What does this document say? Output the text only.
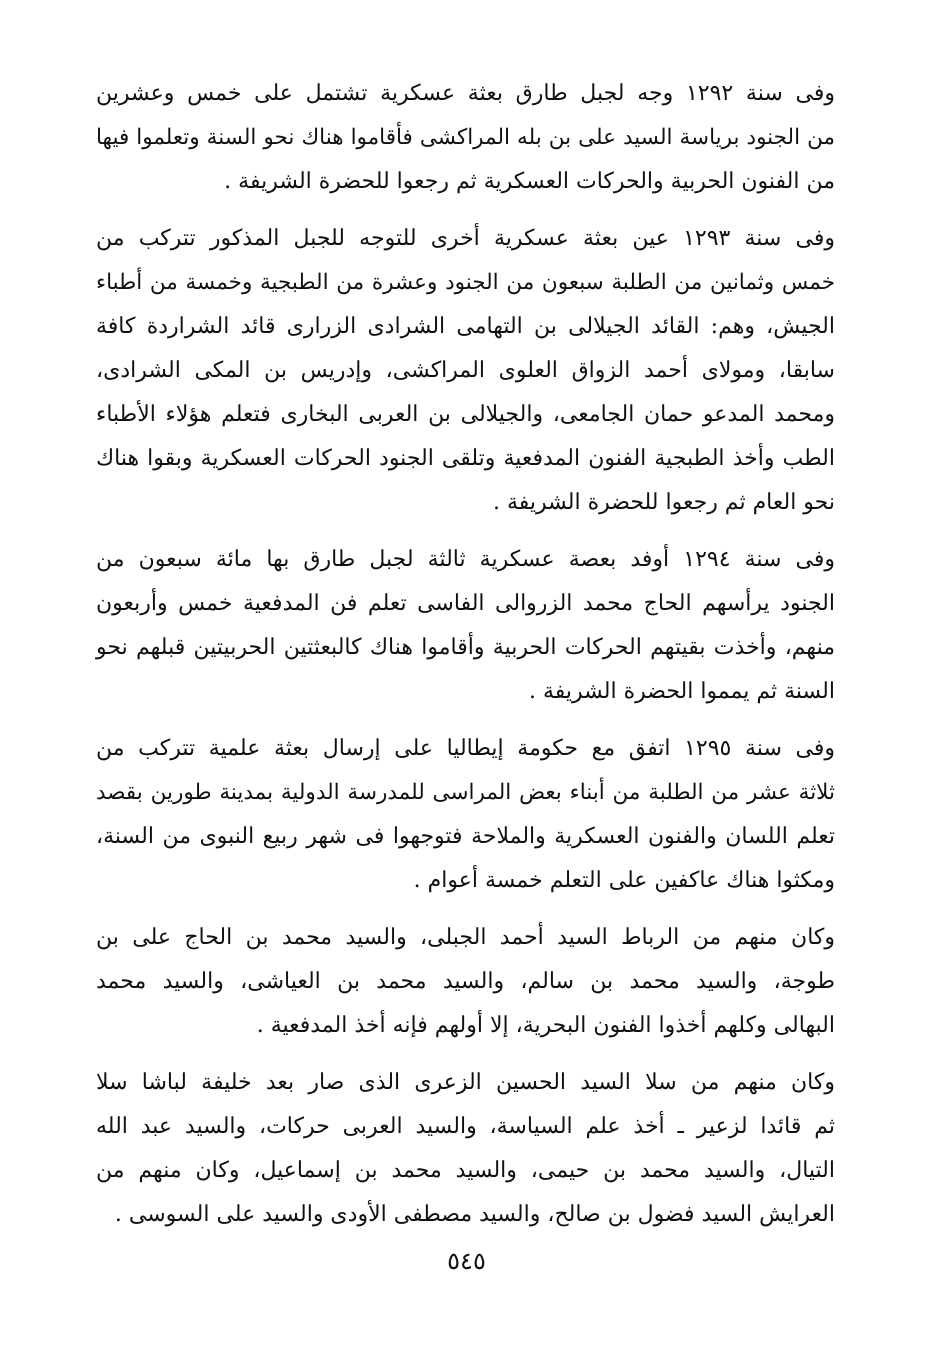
وفى سنة ١٢٩٢ وجه لجبل طارق بعثة عسكرية تشتمل على خمس وعشرين
من الجنود برياسة السيد على بن بله المراكشى فأقاموا هناك نحو السنة وتعلموا فيها
من الفنون الحربية والحركات العسكرية ثم رجعوا للحضرة الشريفة .
وفى سنة ١٢٩٣ عين بعثة عسكرية أخرى للتوجه للجبل المذكور تتركب من
خمس وثمانين من الطلبة سبعون من الجنود وعشرة من الطبجية وخمسة من أطباء
الجيش، وهم: القائد الجيلالى بن التهامى الشرادى الزرارى قائد الشراردة كافة
سابقا، ومولاى أحمد الزواق العلوى المراكشى، وإدريس بن المكى الشرادى،
ومحمد المدعو حمان الجامعى، والجيلالى بن العربى البخارى فتعلم هؤلاء الأطباء
الطب وأخذ الطبجية الفنون المدفعية وتلقى الجنود الحركات العسكرية وبقوا هناك
نحو العام ثم رجعوا للحضرة الشريفة .
وفى سنة ١٢٩٤ أوفد بعصة عسكرية ثالثة لجبل طارق بها مائة سبعون من
الجنود يرأسهم الحاج محمد الزروالى الفاسى تعلم فن المدفعية خمس وأربعون
منهم، وأخذت بقيتهم الحركات الحربية وأقاموا هناك كالبعثتين الحربيتين قبلهم نحو
السنة ثم يمموا الحضرة الشريفة .
وفى سنة ١٢٩٥ اتفق مع حكومة إيطاليا على إرسال بعثة علمية تتركب من
ثلاثة عشر من الطلبة من أبناء بعض المراسى للمدرسة الدولية بمدينة طورين بقصد
تعلم اللسان والفنون العسكرية والملاحة فتوجهوا فى شهر ربيع النبوى من السنة،
ومكثوا هناك عاكفين على التعلم خمسة أعوام .
وكان منهم من الرباط السيد أحمد الجبلى، والسيد محمد بن الحاج على بن
طوجة، والسيد محمد بن سالم، والسيد محمد بن العياشى، والسيد محمد
البهالى وكلهم أخذوا الفنون البحرية، إلا أولهم فإنه أخذ المدفعية .
وكان منهم من سلا السيد الحسين الزعرى الذى صار بعد خليفة لباشا سلا
ثم قائدا لزعير ـ أخذ علم السياسة، والسيد العربى حركات، والسيد عبد الله
التيال، والسيد محمد بن حيمى، والسيد محمد بن إسماعيل، وكان منهم من
العرايش السيد فضول بن صالح، والسيد مصطفى الأودى والسيد على السوسى .
٥٤٥
